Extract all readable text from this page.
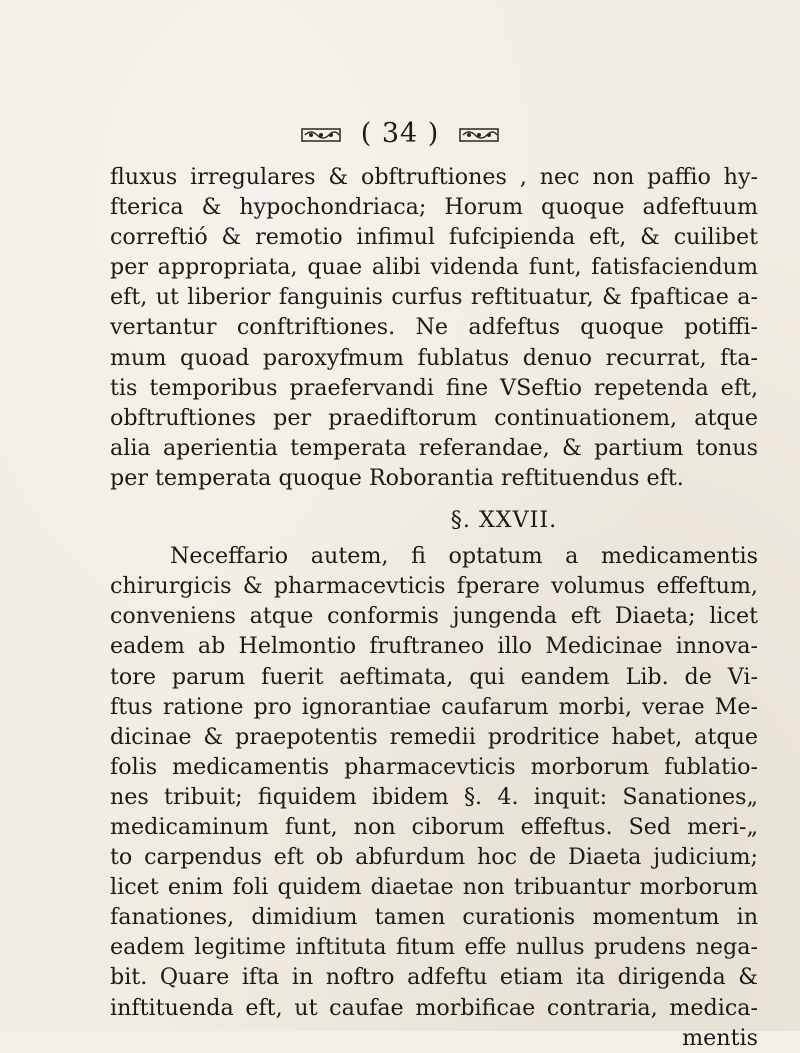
( 34 )
fluxus irregulares & obftruftiones , nec non paffio hy-
fterica & hypochondriaca; Horum quoque adfeftuum
correftió & remotio infimul fufcipienda eft, & cuilibet
per appropriata, quae alibi videnda funt, fatisfaciendum
eft, ut liberior fanguinis curfus reftituatur, & fpafticae a-
vertantur conftriftiones. Ne adfeftus quoque potiffi-
mum quoad paroxyfmum fublatus denuo recurrat, fta-
tis temporibus praefervandi fine VSeftio repetenda eft,
obftruftiones per praediftorum continuationem, atque
alia aperientia temperata referandae, & partium tonus
per temperata quoque Roborantia reftituendus eft.
§. XXVII.
Neceffario autem, fi optatum a medicamentis
chirurgicis & pharmacevticis fperare volumus effeftum,
conveniens atque conformis jungenda eft Diaeta; licet
eadem ab Helmontio fruftraneo illo Medicinae innova-
tore parum fuerit aeftimata, qui eandem Lib. de Vi-
ftus ratione pro ignorantiae caufarum morbi, verae Me-
dicinae & praepotentis remedii prodritice habet, atque
folis medicamentis pharmacevticis morborum fublatio-
nes tribuit; fiquidem ibidem §. 4. inquit: Sanationes„
medicaminum funt, non ciborum effeftus. Sed meri-„
to carpendus eft ob abfurdum hoc de Diaeta judicium;
licet enim foli quidem diaetae non tribuantur morborum
fanationes, dimidium tamen curationis momentum in
eadem legitime inftituta fitum effe nullus prudens nega-
bit. Quare ifta in noftro adfeftu etiam ita dirigenda &
inftituenda eft, ut caufae morbificae contraria, medica-
mentis
